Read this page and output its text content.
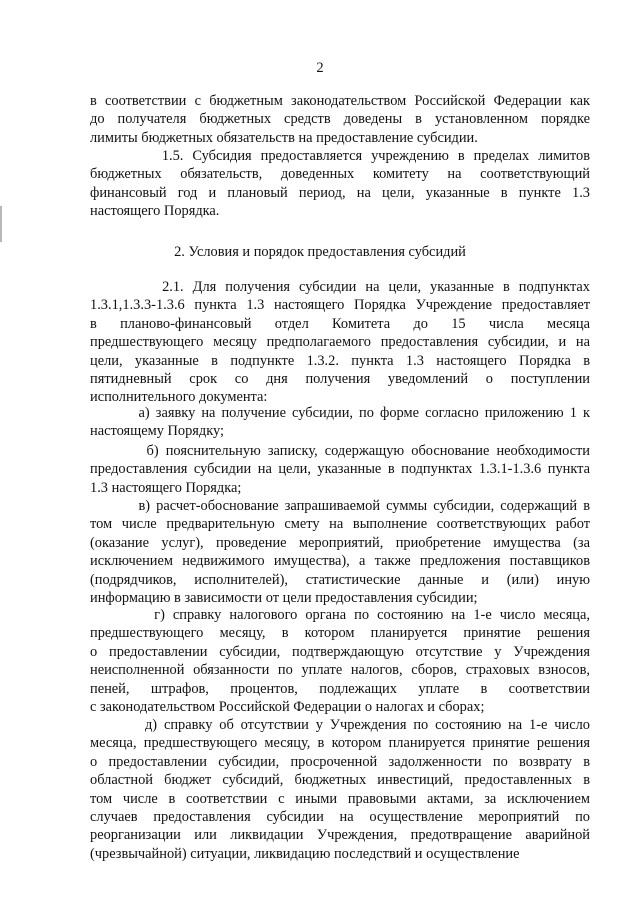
2
в соответствии с бюджетным законодательством Российской Федерации как
до получателя бюджетных средств доведены в установленном порядке
лимиты бюджетных обязательств на предоставление субсидии.
1.5. Субсидия предоставляется учреждению в пределах лимитов
бюджетных обязательств, доведенных комитету на соответствующий
финансовый год и плановый период, на цели, указанные в пункте 1.3
настоящего Порядка.
2. Условия и порядок предоставления субсидий
2.1. Для получения субсидии на цели, указанные в подпунктах
1.3.1,1.3.3-1.3.6 пункта 1.3 настоящего Порядка Учреждение предоставляет
в планово-финансовый отдел Комитета до 15 числа месяца
предшествующего месяцу предполагаемого предоставления субсидии, и на
цели, указанные в подпункте 1.3.2. пункта 1.3 настоящего Порядка в
пятидневный срок со дня получения уведомлений о поступлении
исполнительного документа:
а) заявку на получение субсидии, по форме согласно приложению 1 к
настоящему Порядку;
б) пояснительную записку, содержащую обоснование необходимости
предоставления субсидии на цели, указанные в подпунктах 1.3.1-1.3.6 пункта
1.3 настоящего Порядка;
в) расчет-обоснование запрашиваемой суммы субсидии, содержащий в
том числе предварительную смету на выполнение соответствующих работ
(оказание услуг), проведение мероприятий, приобретение имущества (за
исключением недвижимого имущества), а также предложения поставщиков
(подрядчиков, исполнителей), статистические данные и (или) иную
информацию в зависимости от цели предоставления субсидии;
г) справку налогового органа по состоянию на 1-е число месяца,
предшествующего месяцу, в котором планируется принятие решения
о предоставлении субсидии, подтверждающую отсутствие у Учреждения
неисполненной обязанности по уплате налогов, сборов, страховых взносов,
пеней, штрафов, процентов, подлежащих уплате в соответствии
с законодательством Российской Федерации о налогах и сборах;
д) справку об отсутствии у Учреждения по состоянию на 1-е число
месяца, предшествующего месяцу, в котором планируется принятие решения
о предоставлении субсидии, просроченной задолженности по возврату в
областной бюджет субсидий, бюджетных инвестиций, предоставленных в
том числе в соответствии с иными правовыми актами, за исключением
случаев предоставления субсидии на осуществление мероприятий по
реорганизации или ликвидации Учреждения, предотвращение аварийной
(чрезвычайной) ситуации, ликвидацию последствий и осуществление
